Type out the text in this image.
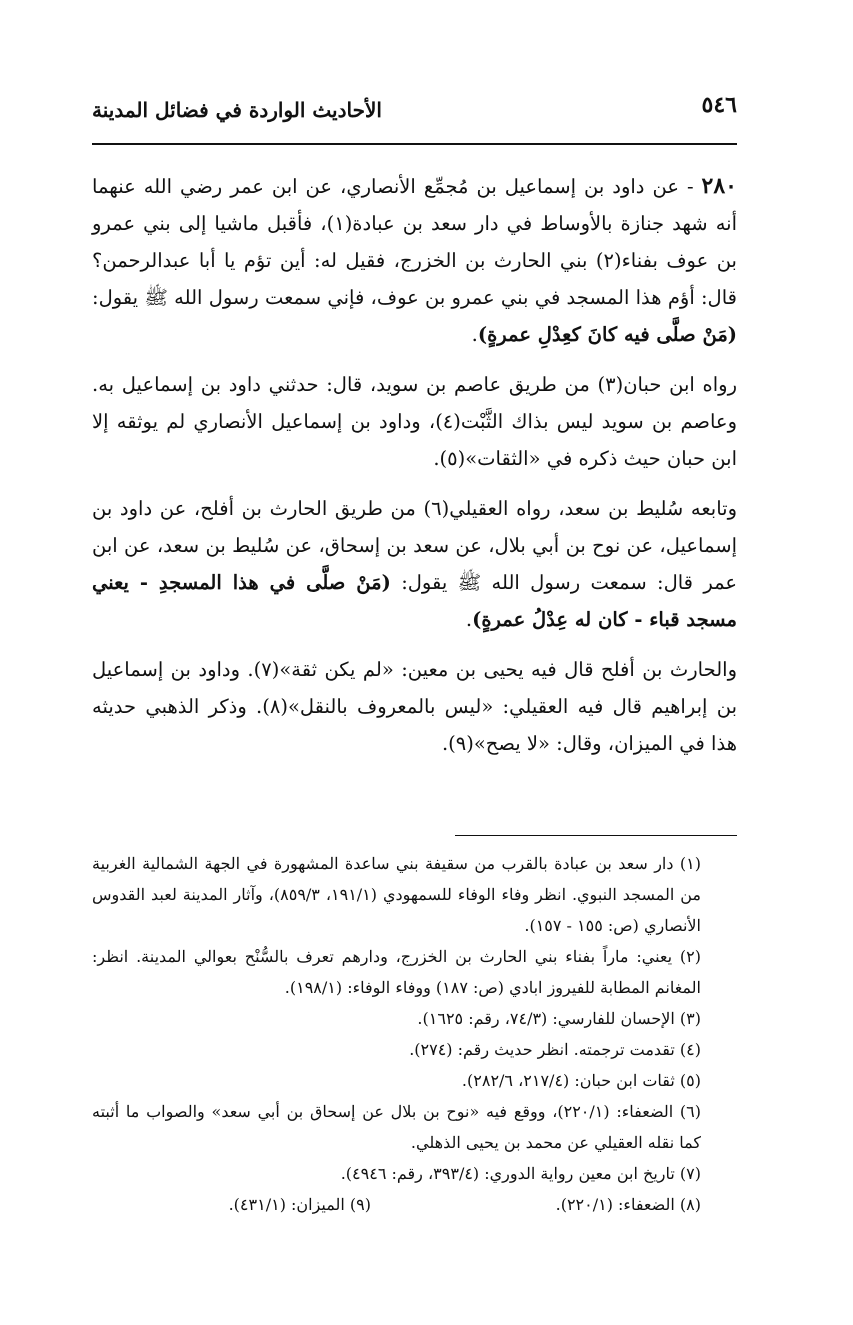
٥٤٦
الأحاديث الواردة في فضائل المدينة

٢٨٠ - عن داود بن إسماعيل بن مُجمِّع الأنصاري، عن ابن عمر رضي الله عنهما أنه شهد جنازة بالأوساط في دار سعد بن عبادة(١)، فأقبل ماشيا إلى بني عمرو بن عوف بفناء(٢) بني الحارث بن الخزرج، فقيل له: أين تؤم يا أبا عبدالرحمن؟ قال: أؤم هذا المسجد في بني عمرو بن عوف، فإني سمعت رسول الله ﷺ يقول: (مَنْ صلَّى فيه كانَ كعِدْلِ عمرةٍ).

رواه ابن حبان(٣) من طريق عاصم بن سويد، قال: حدثني داود بن إسماعيل به. وعاصم بن سويد ليس بذاك الثَّبْت(٤)، وداود بن إسماعيل الأنصاري لم يوثقه إلا ابن حبان حيث ذكره في «الثقات»(٥).

وتابعه سُليط بن سعد، رواه العقيلي(٦) من طريق الحارث بن أفلح، عن داود بن إسماعيل، عن نوح بن أبي بلال، عن سعد بن إسحاق، عن سُليط بن سعد، عن ابن عمر قال: سمعت رسول الله ﷺ يقول: (مَنْ صلَّى في هذا المسجدِ - يعني مسجد قباء - كان له عِدْلُ عمرةٍ).

والحارث بن أفلح قال فيه يحيى بن معين: «لم يكن ثقة»(٧). وداود بن إسماعيل بن إبراهيم قال فيه العقيلي: «ليس بالمعروف بالنقل»(٨). وذكر الذهبي حديثه هذا في الميزان، وقال: «لا يصح»(٩).

(١) دار سعد بن عبادة بالقرب من سقيفة بني ساعدة المشهورة في الجهة الشمالية الغربية من المسجد النبوي. انظر وفاء الوفاء للسمهودي (١٩١/١، ٨٥٩/٣)، وآثار المدينة لعبد القدوس الأنصاري (ص: ١٥٥ - ١٥٧).

(٢) يعني: ماراً بفناء بني الحارث بن الخزرج، ودارهم تعرف بالسُّنْح بعوالي المدينة. انظر: المغانم المطابة للفيروز ابادي (ص: ١٨٧) ووفاء الوفاء: (١٩٨/١).

(٣) الإحسان للفارسي: (٧٤/٣، رقم: ١٦٢٥).

(٤) تقدمت ترجمته. انظر حديث رقم: (٢٧٤).

(٥) ثقات ابن حبان: (٢١٧/٤، ٢٨٢/٦).

(٦) الضعفاء: (٢٢٠/١)، ووقع فيه «نوح بن بلال عن إسحاق بن أبي سعد» والصواب ما أثبته كما نقله العقيلي عن محمد بن يحيى الذهلي.

(٧) تاريخ ابن معين رواية الدوري: (٣٩٣/٤، رقم: ٤٩٤٦).

(٨) الضعفاء: (٢٢٠/١).
(٩) الميزان: (٤٣١/١).
